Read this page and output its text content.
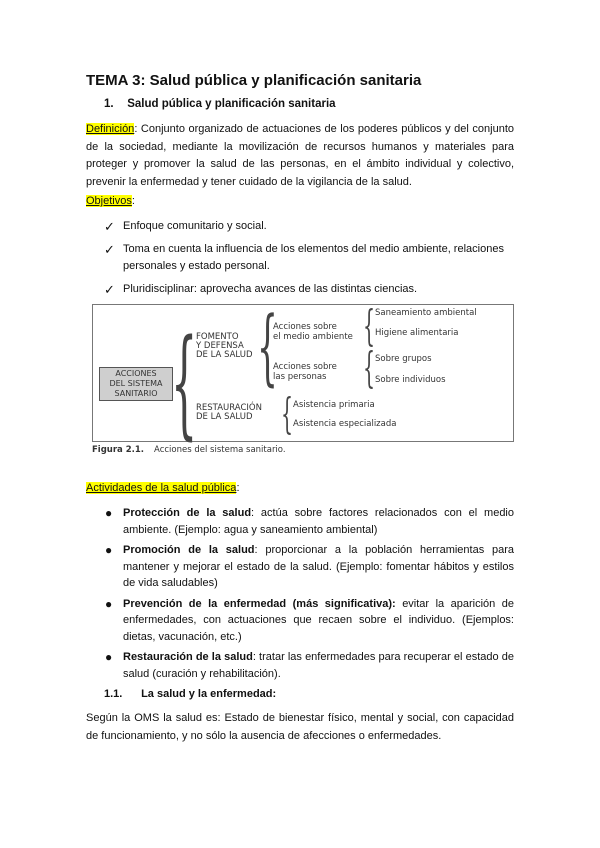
TEMA 3: Salud pública y planificación sanitaria
1. Salud pública y planificación sanitaria
Definición: Conjunto organizado de actuaciones de los poderes públicos y del conjunto de la sociedad, mediante la movilización de recursos humanos y materiales para proteger y promover la salud de las personas, en el ámbito individual y colectivo, prevenir la enfermedad y tener cuidado de la vigilancia de la salud.
Objetivos:
✓ Enfoque comunitario y social.
✓ Toma en cuenta la influencia de los elementos del medio ambiente, relaciones personales y estado personal.
✓ Pluridisciplinar: aprovecha avances de las distintas ciencias.
ACCIONES
DEL SISTEMA
SANITARIO {
FOMENTO
Y DEFENSA
DE LA SALUD
RESTAURACIÓN
DE LA SALUD
{
Acciones sobre
el medio ambiente
Acciones sobre
las personas
{
{
Saneamiento ambiental
Higiene alimentaria
Sobre grupos
Sobre individuos
{ Asistencia primaria
Asistencia especializada
Figura 2.1. Acciones del sistema sanitario.
Actividades de la salud pública:
● Protección de la salud: actúa sobre factores relacionados con el medio ambiente. (Ejemplo: agua y saneamiento ambiental)
● Promoción de la salud: proporcionar a la población herramientas para mantener y mejorar el estado de la salud. (Ejemplo: fomentar hábitos y estilos de vida saludables)
● Prevención de la enfermedad (más significativa): evitar la aparición de enfermedades, con actuaciones que recaen sobre el individuo. (Ejemplos: dietas, vacunación, etc.)
● Restauración de la salud: tratar las enfermedades para recuperar el estado de salud (curación y rehabilitación).
1.1. La salud y la enfermedad:
Según la OMS la salud es: Estado de bienestar físico, mental y social, con capacidad de funcionamiento, y no sólo la ausencia de afecciones o enfermedades.
